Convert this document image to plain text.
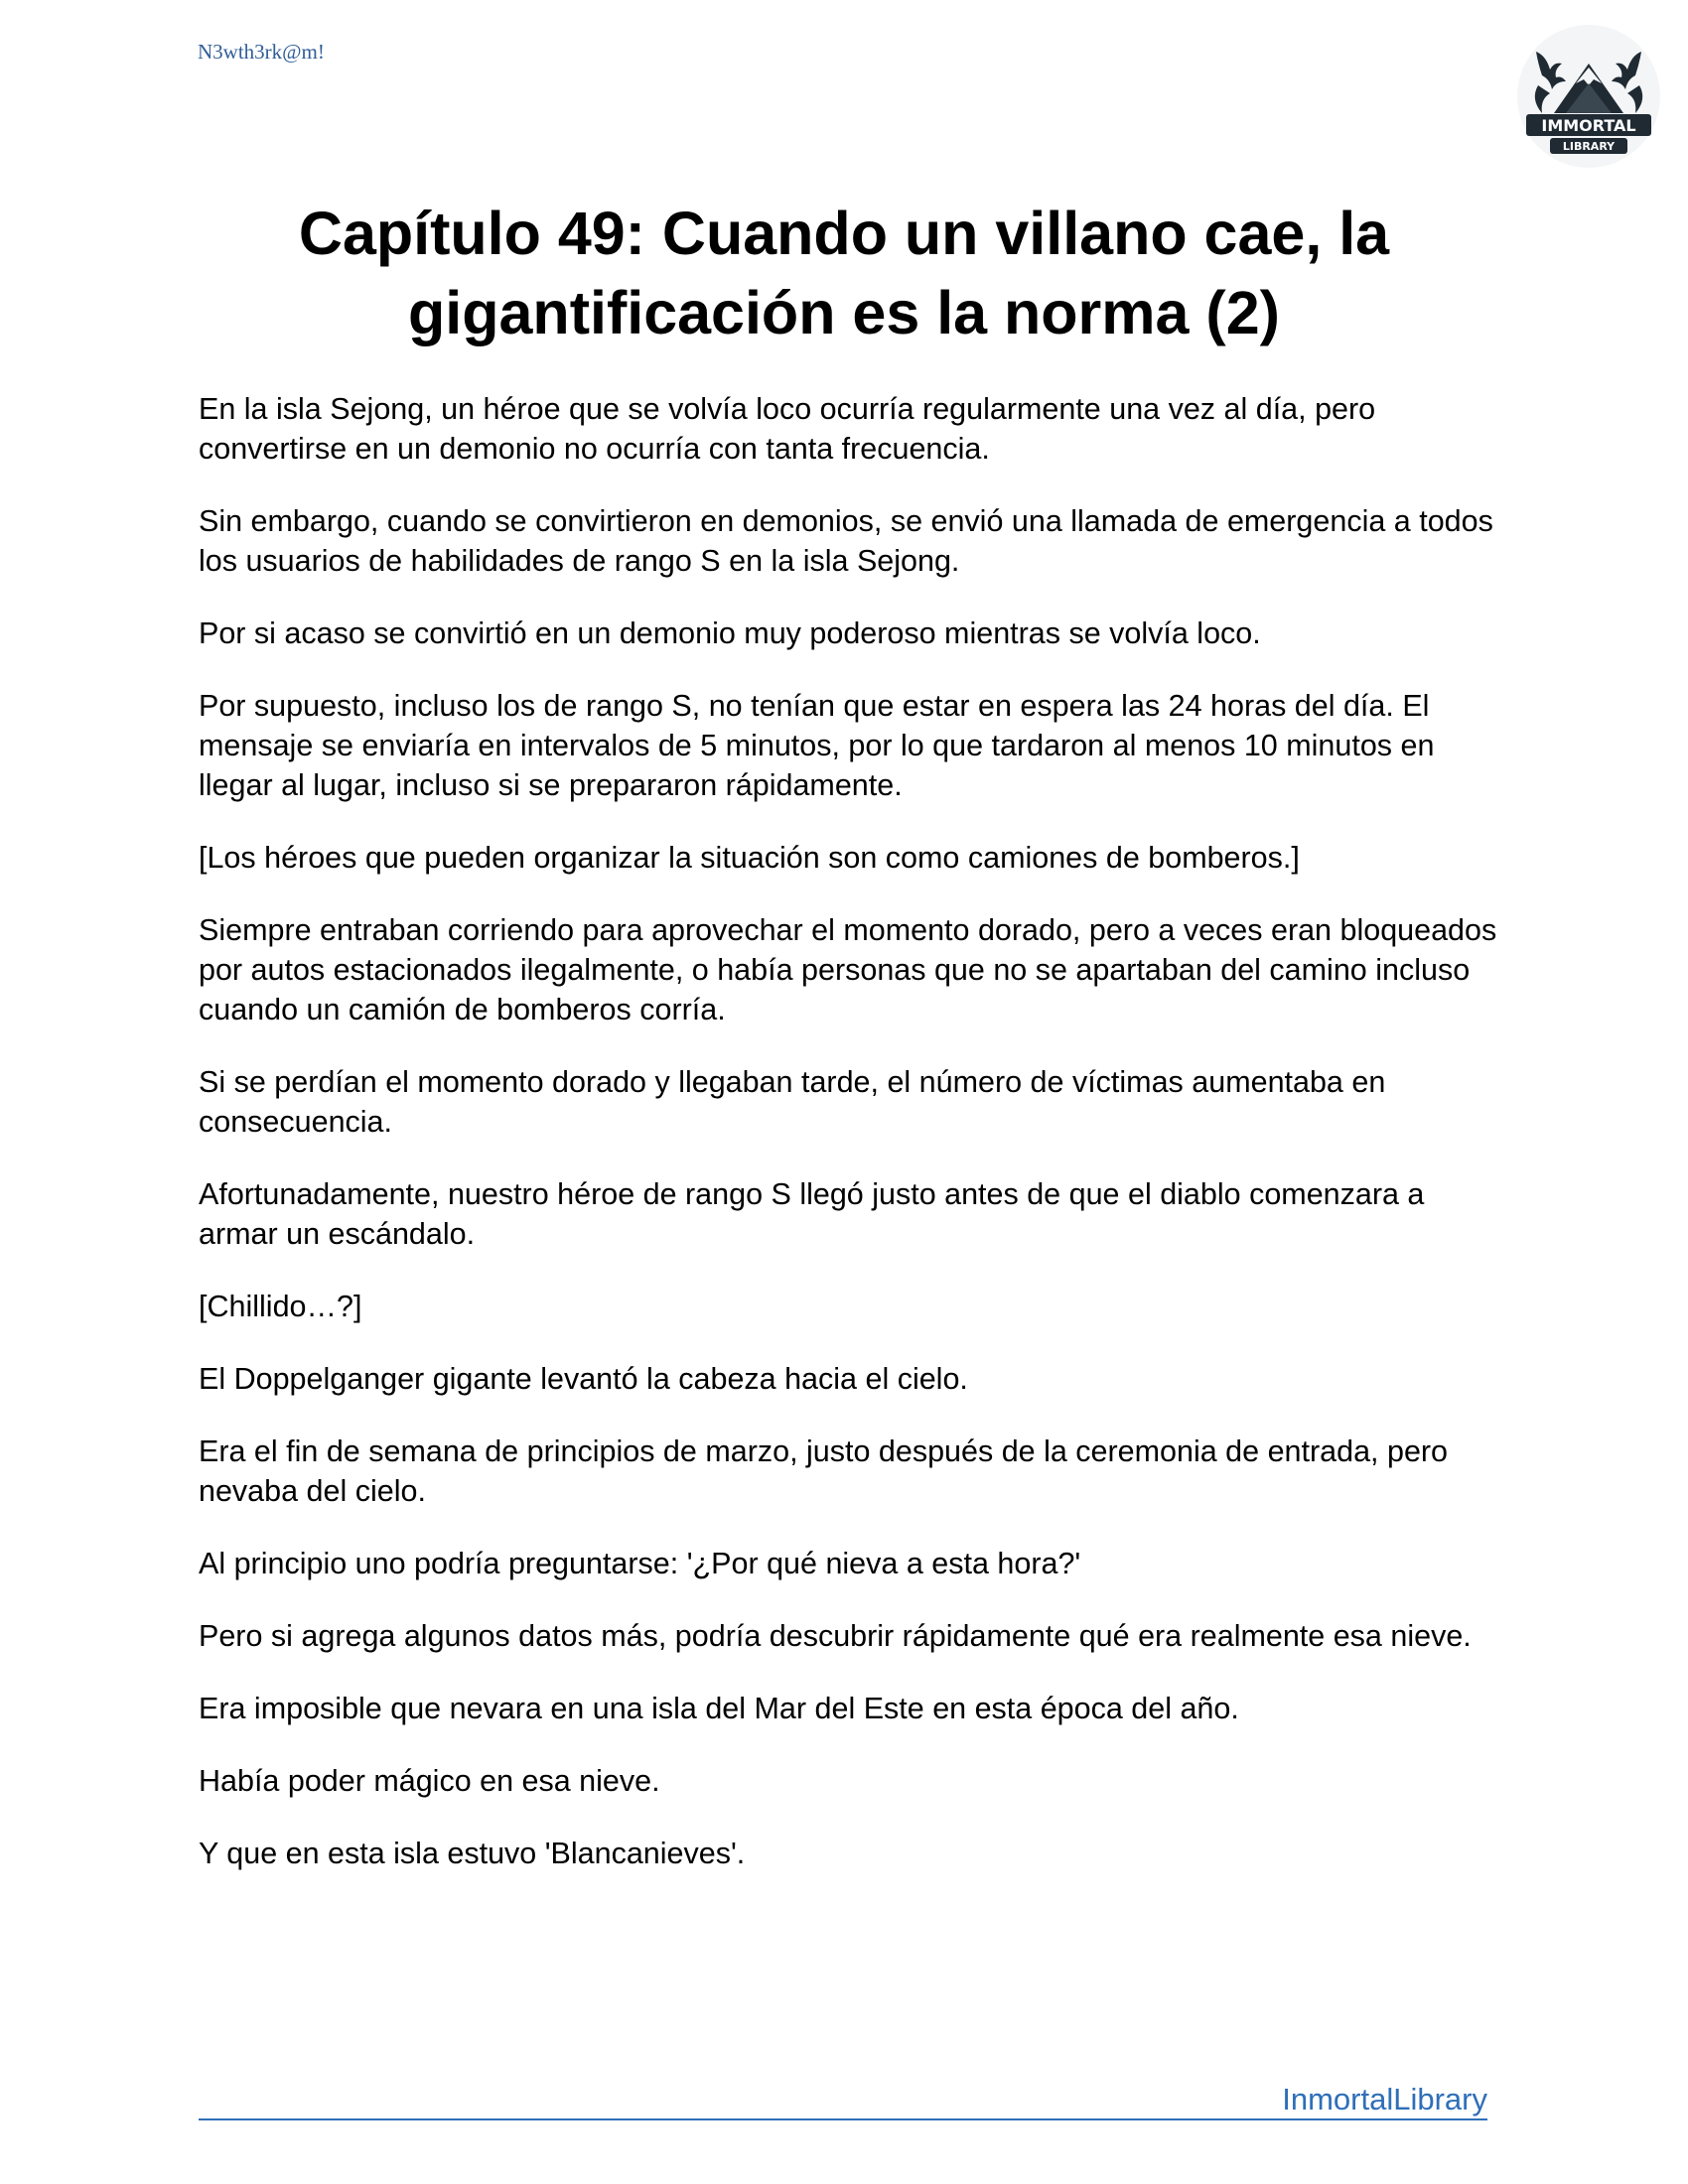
N3wth3rk@m!
IMMORTAL
LIBRARY
Capítulo 49: Cuando un villano cae, la gigantificación es la norma (2)

En la isla Sejong, un héroe que se volvía loco ocurría regularmente una vez al día, pero convertirse en un demonio no ocurría con tanta frecuencia.

Sin embargo, cuando se convirtieron en demonios, se envió una llamada de emergencia a todos los usuarios de habilidades de rango S en la isla Sejong.

Por si acaso se convirtió en un demonio muy poderoso mientras se volvía loco.

Por supuesto, incluso los de rango S, no tenían que estar en espera las 24 horas del día. El mensaje se enviaría en intervalos de 5 minutos, por lo que tardaron al menos 10 minutos en llegar al lugar, incluso si se prepararon rápidamente.

[Los héroes que pueden organizar la situación son como camiones de bomberos.]

Siempre entraban corriendo para aprovechar el momento dorado, pero a veces eran bloqueados por autos estacionados ilegalmente, o había personas que no se apartaban del camino incluso cuando un camión de bomberos corría.

Si se perdían el momento dorado y llegaban tarde, el número de víctimas aumentaba en consecuencia.

Afortunadamente, nuestro héroe de rango S llegó justo antes de que el diablo comenzara a armar un escándalo.

[Chillido…?]

El Doppelganger gigante levantó la cabeza hacia el cielo.

Era el fin de semana de principios de marzo, justo después de la ceremonia de entrada, pero nevaba del cielo.

Al principio uno podría preguntarse: '¿Por qué nieva a esta hora?'

Pero si agrega algunos datos más, podría descubrir rápidamente qué era realmente esa nieve.

Era imposible que nevara en una isla del Mar del Este en esta época del año.

Había poder mágico en esa nieve.

Y que en esta isla estuvo 'Blancanieves'.

InmortalLibrary
